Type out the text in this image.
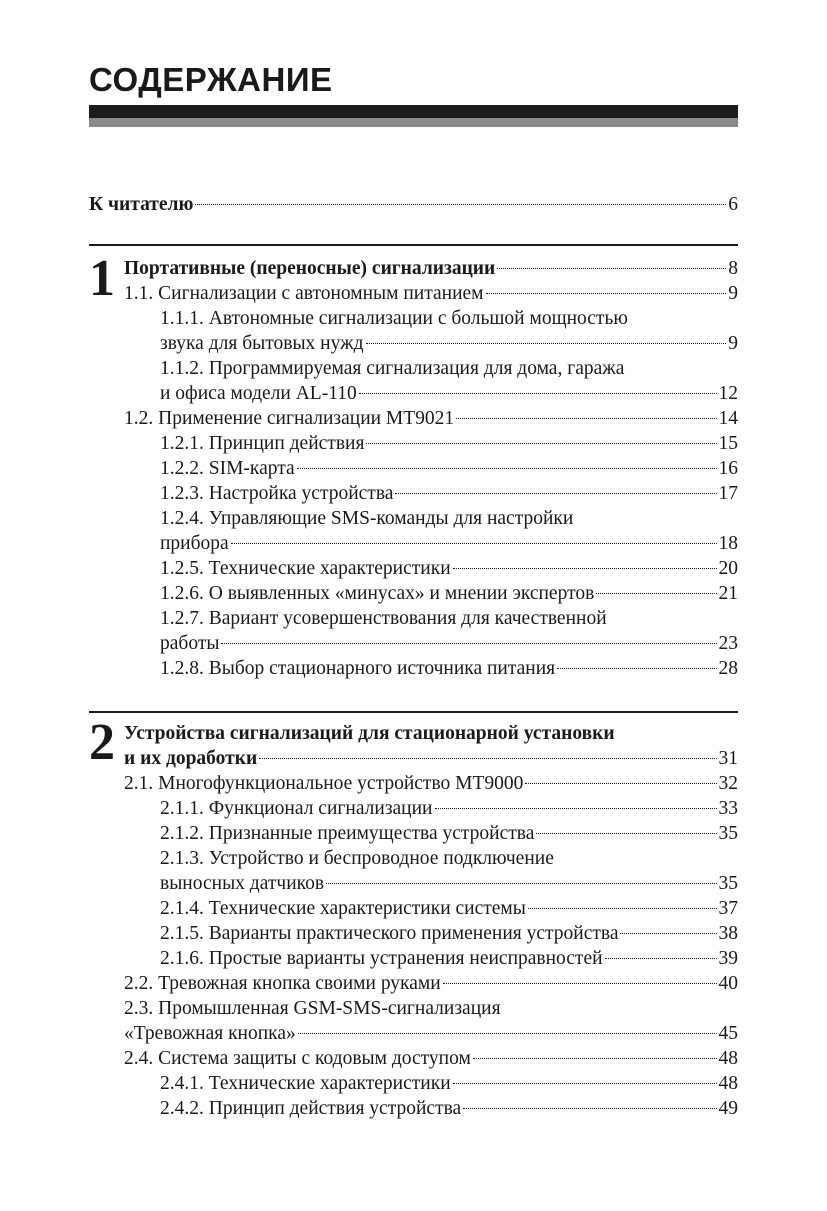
СОДЕРЖАНИЕ
К читателю	6
1 Портативные (переносные) сигнализации	8
1.1. Сигнализации с автономным питанием	9
1.1.1. Автономные сигнализации с большой мощностью
звука для бытовых нужд	9
1.1.2. Программируемая сигнализация для дома, гаража
и офиса модели AL-110	12
1.2. Применение сигнализации MT9021	14
1.2.1. Принцип действия	15
1.2.2. SIM-карта	16
1.2.3. Настройка устройства	17
1.2.4. Управляющие SMS-команды для настройки
прибора	18
1.2.5. Технические характеристики	20
1.2.6. О выявленных «минусах» и мнении экспертов	21
1.2.7. Вариант усовершенствования для качественной
работы	23
1.2.8. Выбор стационарного источника питания	28
2 Устройства сигнализаций для стационарной установки
и их доработки	31
2.1. Многофункциональное устройство MT9000	32
2.1.1. Функционал сигнализации	33
2.1.2. Признанные преимущества устройства	35
2.1.3. Устройство и беспроводное подключение
выносных датчиков	35
2.1.4. Технические характеристики системы	37
2.1.5. Варианты практического применения устройства	38
2.1.6. Простые варианты устранения неисправностей	39
2.2. Тревожная кнопка своими руками	40
2.3. Промышленная GSM-SMS-сигнализация
«Тревожная кнопка»	45
2.4. Система защиты с кодовым доступом	48
2.4.1. Технические характеристики	48
2.4.2. Принцип действия устройства	49
